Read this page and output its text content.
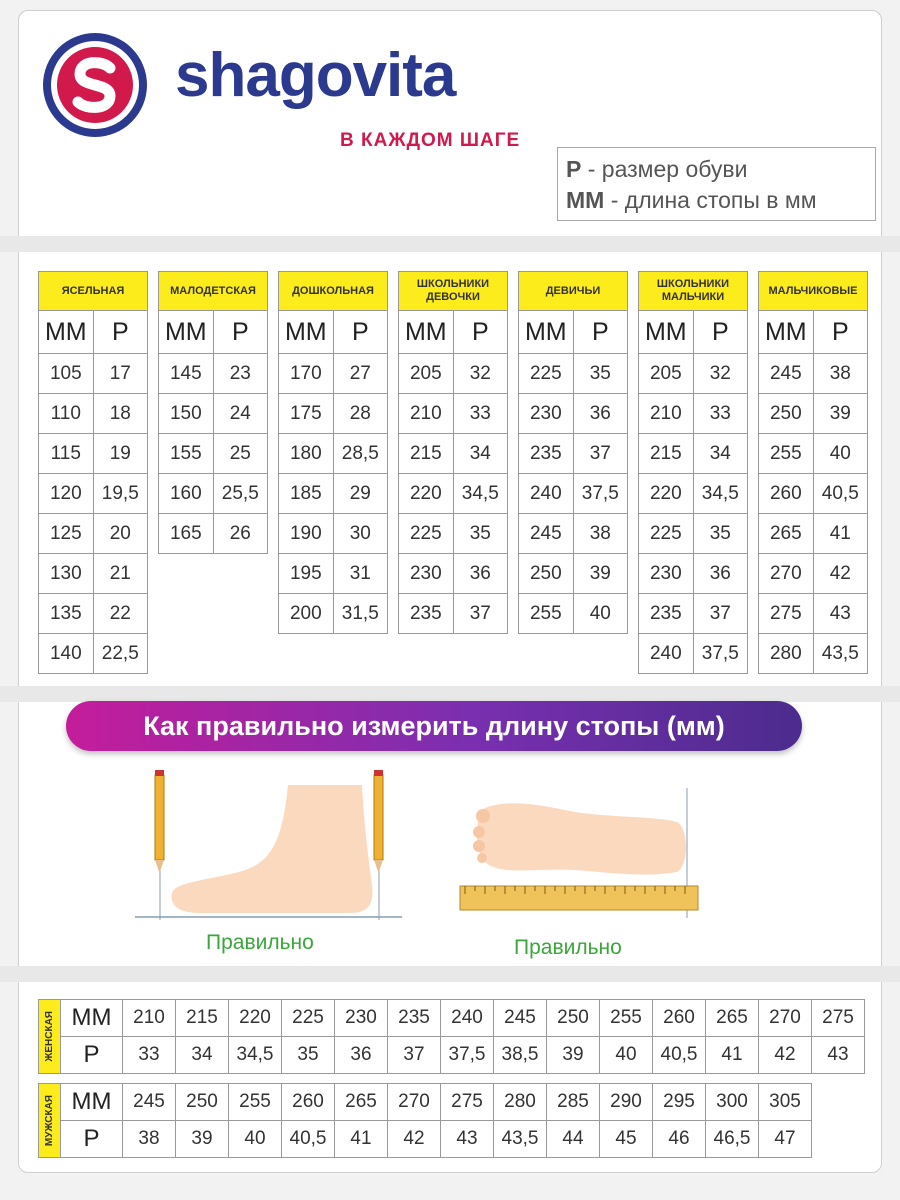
shagovita
В КАЖДОМ ШАГЕ
Р - размер обуви
ММ - длина стопы в мм
ЯСЕЛЬНАЯ	
ММ	Р
105	17
110	18
115	19
120	19,5
125	20
130	21
135	22
140	22,5
МАЛОДЕТСКАЯ	
ММ	Р
145	23
150	24
155	25
160	25,5
165	26
ДОШКОЛЬНАЯ	
ММ	Р
170	27
175	28
180	28,5
185	29
190	30
195	31
200	31,5
ШКОЛЬНИКИ ДЕВОЧКИ	
ММ	Р
205	32
210	33
215	34
220	34,5
225	35
230	36
235	37
ДЕВИЧЬИ	
ММ	Р
225	35
230	36
235	37
240	37,5
245	38
250	39
255	40
ШКОЛЬНИКИ МАЛЬЧИКИ	
ММ	Р
205	32
210	33
215	34
220	34,5
225	35
230	36
235	37
240	37,5
МАЛЬЧИКОВЫЕ	
ММ	Р
245	38
250	39
255	40
260	40,5
265	41
270	42
275	43
280	43,5
Как правильно измерить длину стопы (мм)
Правильно	Правильно
ЖЕНСКАЯ	ММ	210	215	220	225	230	235	240	245	250	255	260	265	270	275
	Р	33	34	34,5	35	36	37	37,5	38,5	39	40	40,5	41	42	43
МУЖСКАЯ	ММ	245	250	255	260	265	270	275	280	285	290	295	300	305
	Р	38	39	40	40,5	41	42	43	43,5	44	45	46	46,5	47
